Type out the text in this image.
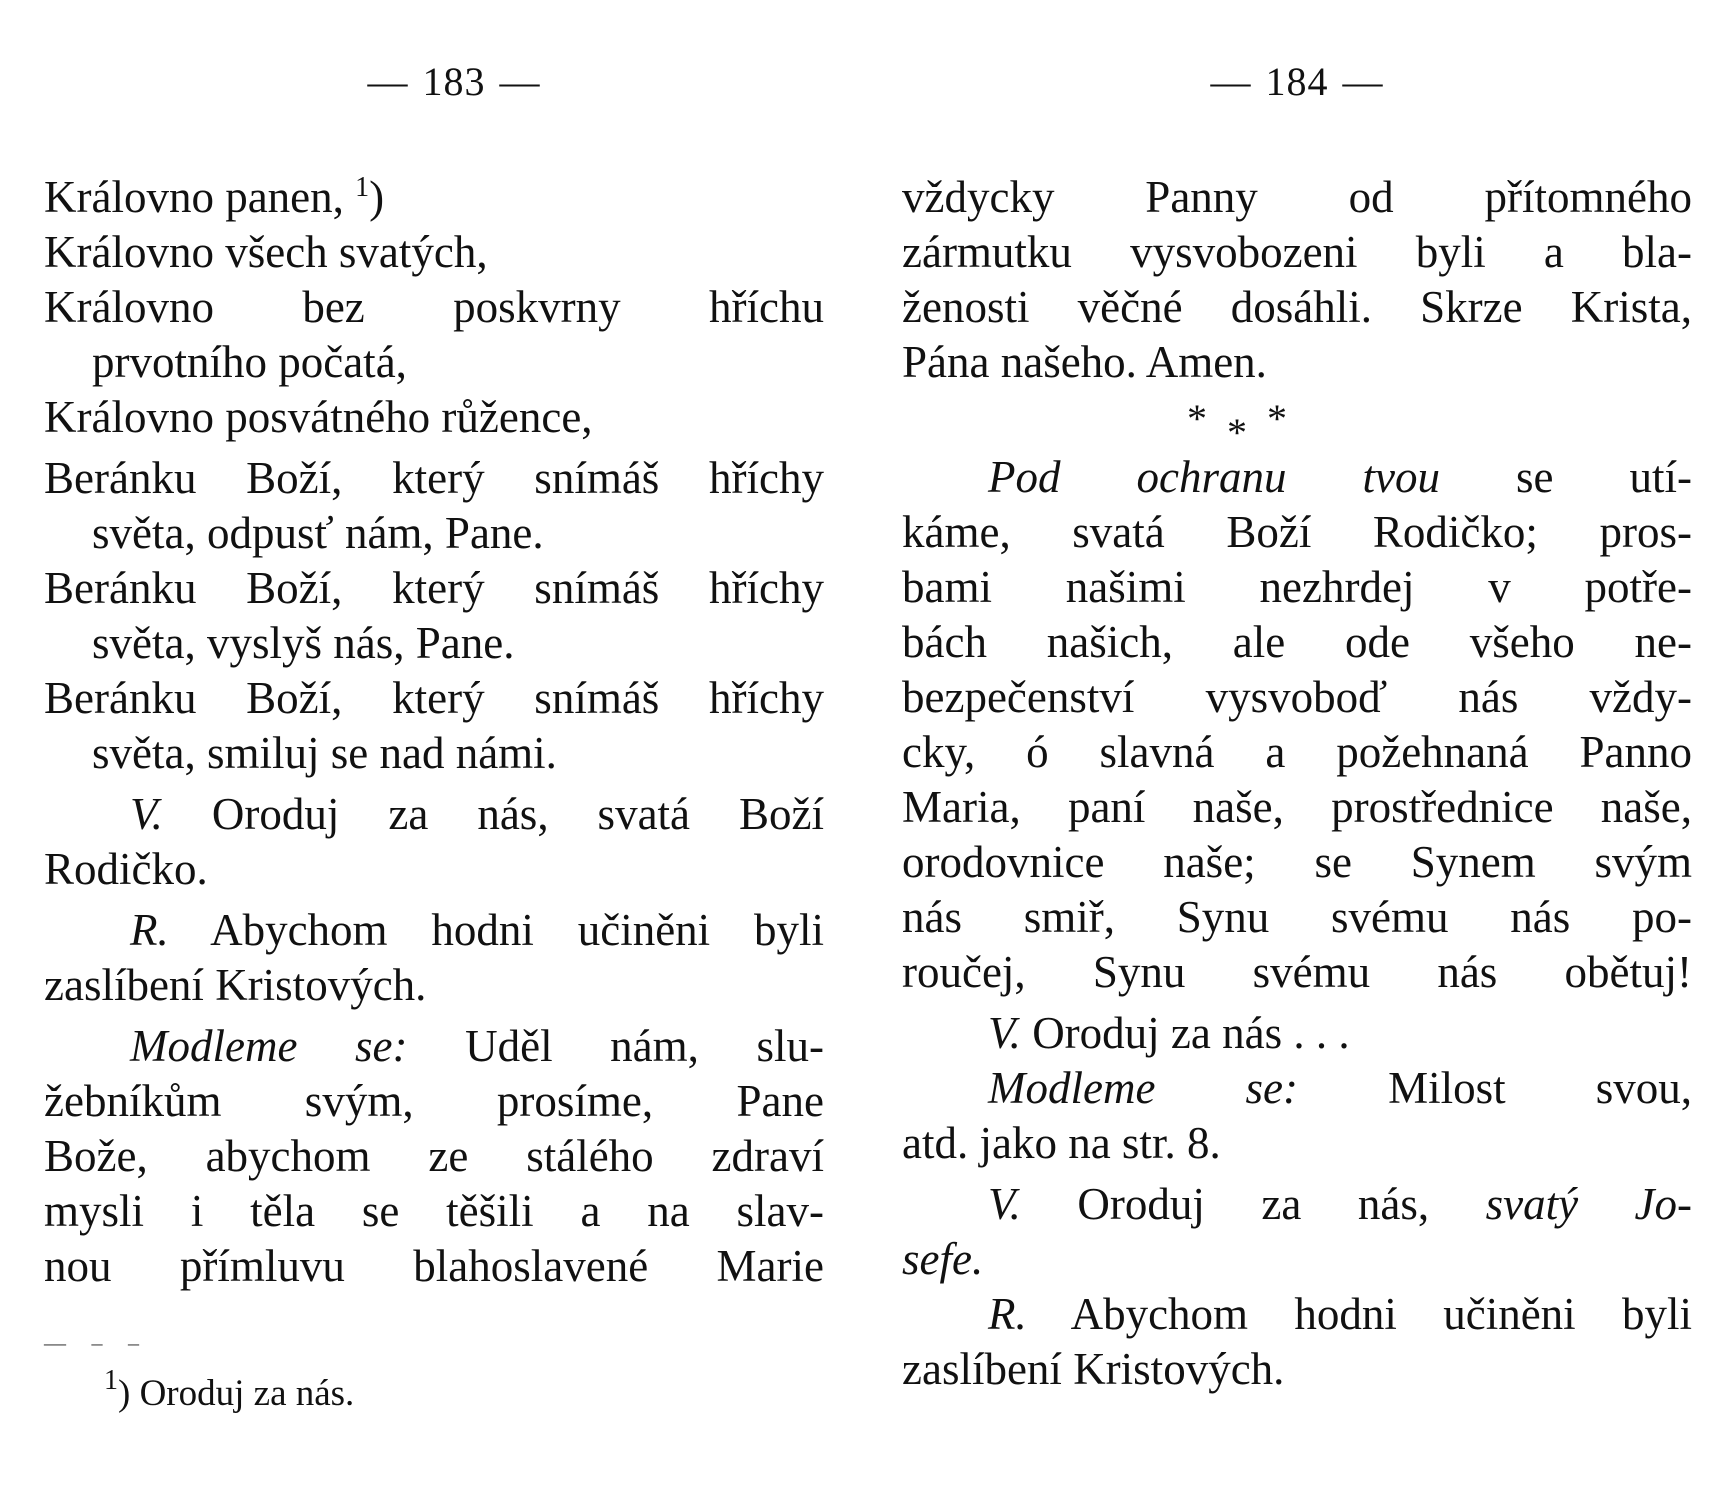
— 183 —
Královno panen, $^1$)
Královno všech svatých,
Královno bez poskvrny hříchu
prvotního počatá,
Královno posvátného růžence,
Beránku Boží, který snímáš hříchy
světa, odpusť nám, Pane.
Beránku Boží, který snímáš hříchy
světa, vyslyš nás, Pane.
Beránku Boží, který snímáš hříchy
světa, smiluj se nad námi.
V. Oroduj za nás, svatá Boží
Rodičko.
R. Abychom hodni učiněni byli
zaslíbení Kristových.
Modleme se: Uděl nám, slu-
žebníkům svým, prosíme, Pane
Bože, abychom ze stálého zdraví
mysli i těla se těšili a na slav-
nou přímluvu blahoslavené Marie
— – –
$^1$) Oroduj za nás.
— 184 —
vždycky Panny od přítomného
zármutku vysvobozeni byli a bla-
ženosti věčné dosáhli. Skrze Krista,
Pána našeho. Amen.
* * *
Pod ochranu tvou se utí-
káme, svatá Boží Rodičko; pros-
bami našimi nezhrdej v potře-
bách našich, ale ode všeho ne-
bezpečenství vysvoboď nás vždy-
cky, ó slavná a požehnaná Panno
Maria, paní naše, prostřednice naše,
orodovnice naše; se Synem svým
nás smiř, Synu svému nás po-
roučej, Synu svému nás obětuj!
V. Oroduj za nás . . .
Modleme se: Milost svou,
atd. jako na str. 8.
V. Oroduj za nás, svatý Jo-
sefe.
R. Abychom hodni učiněni byli
zaslíbení Kristových.
